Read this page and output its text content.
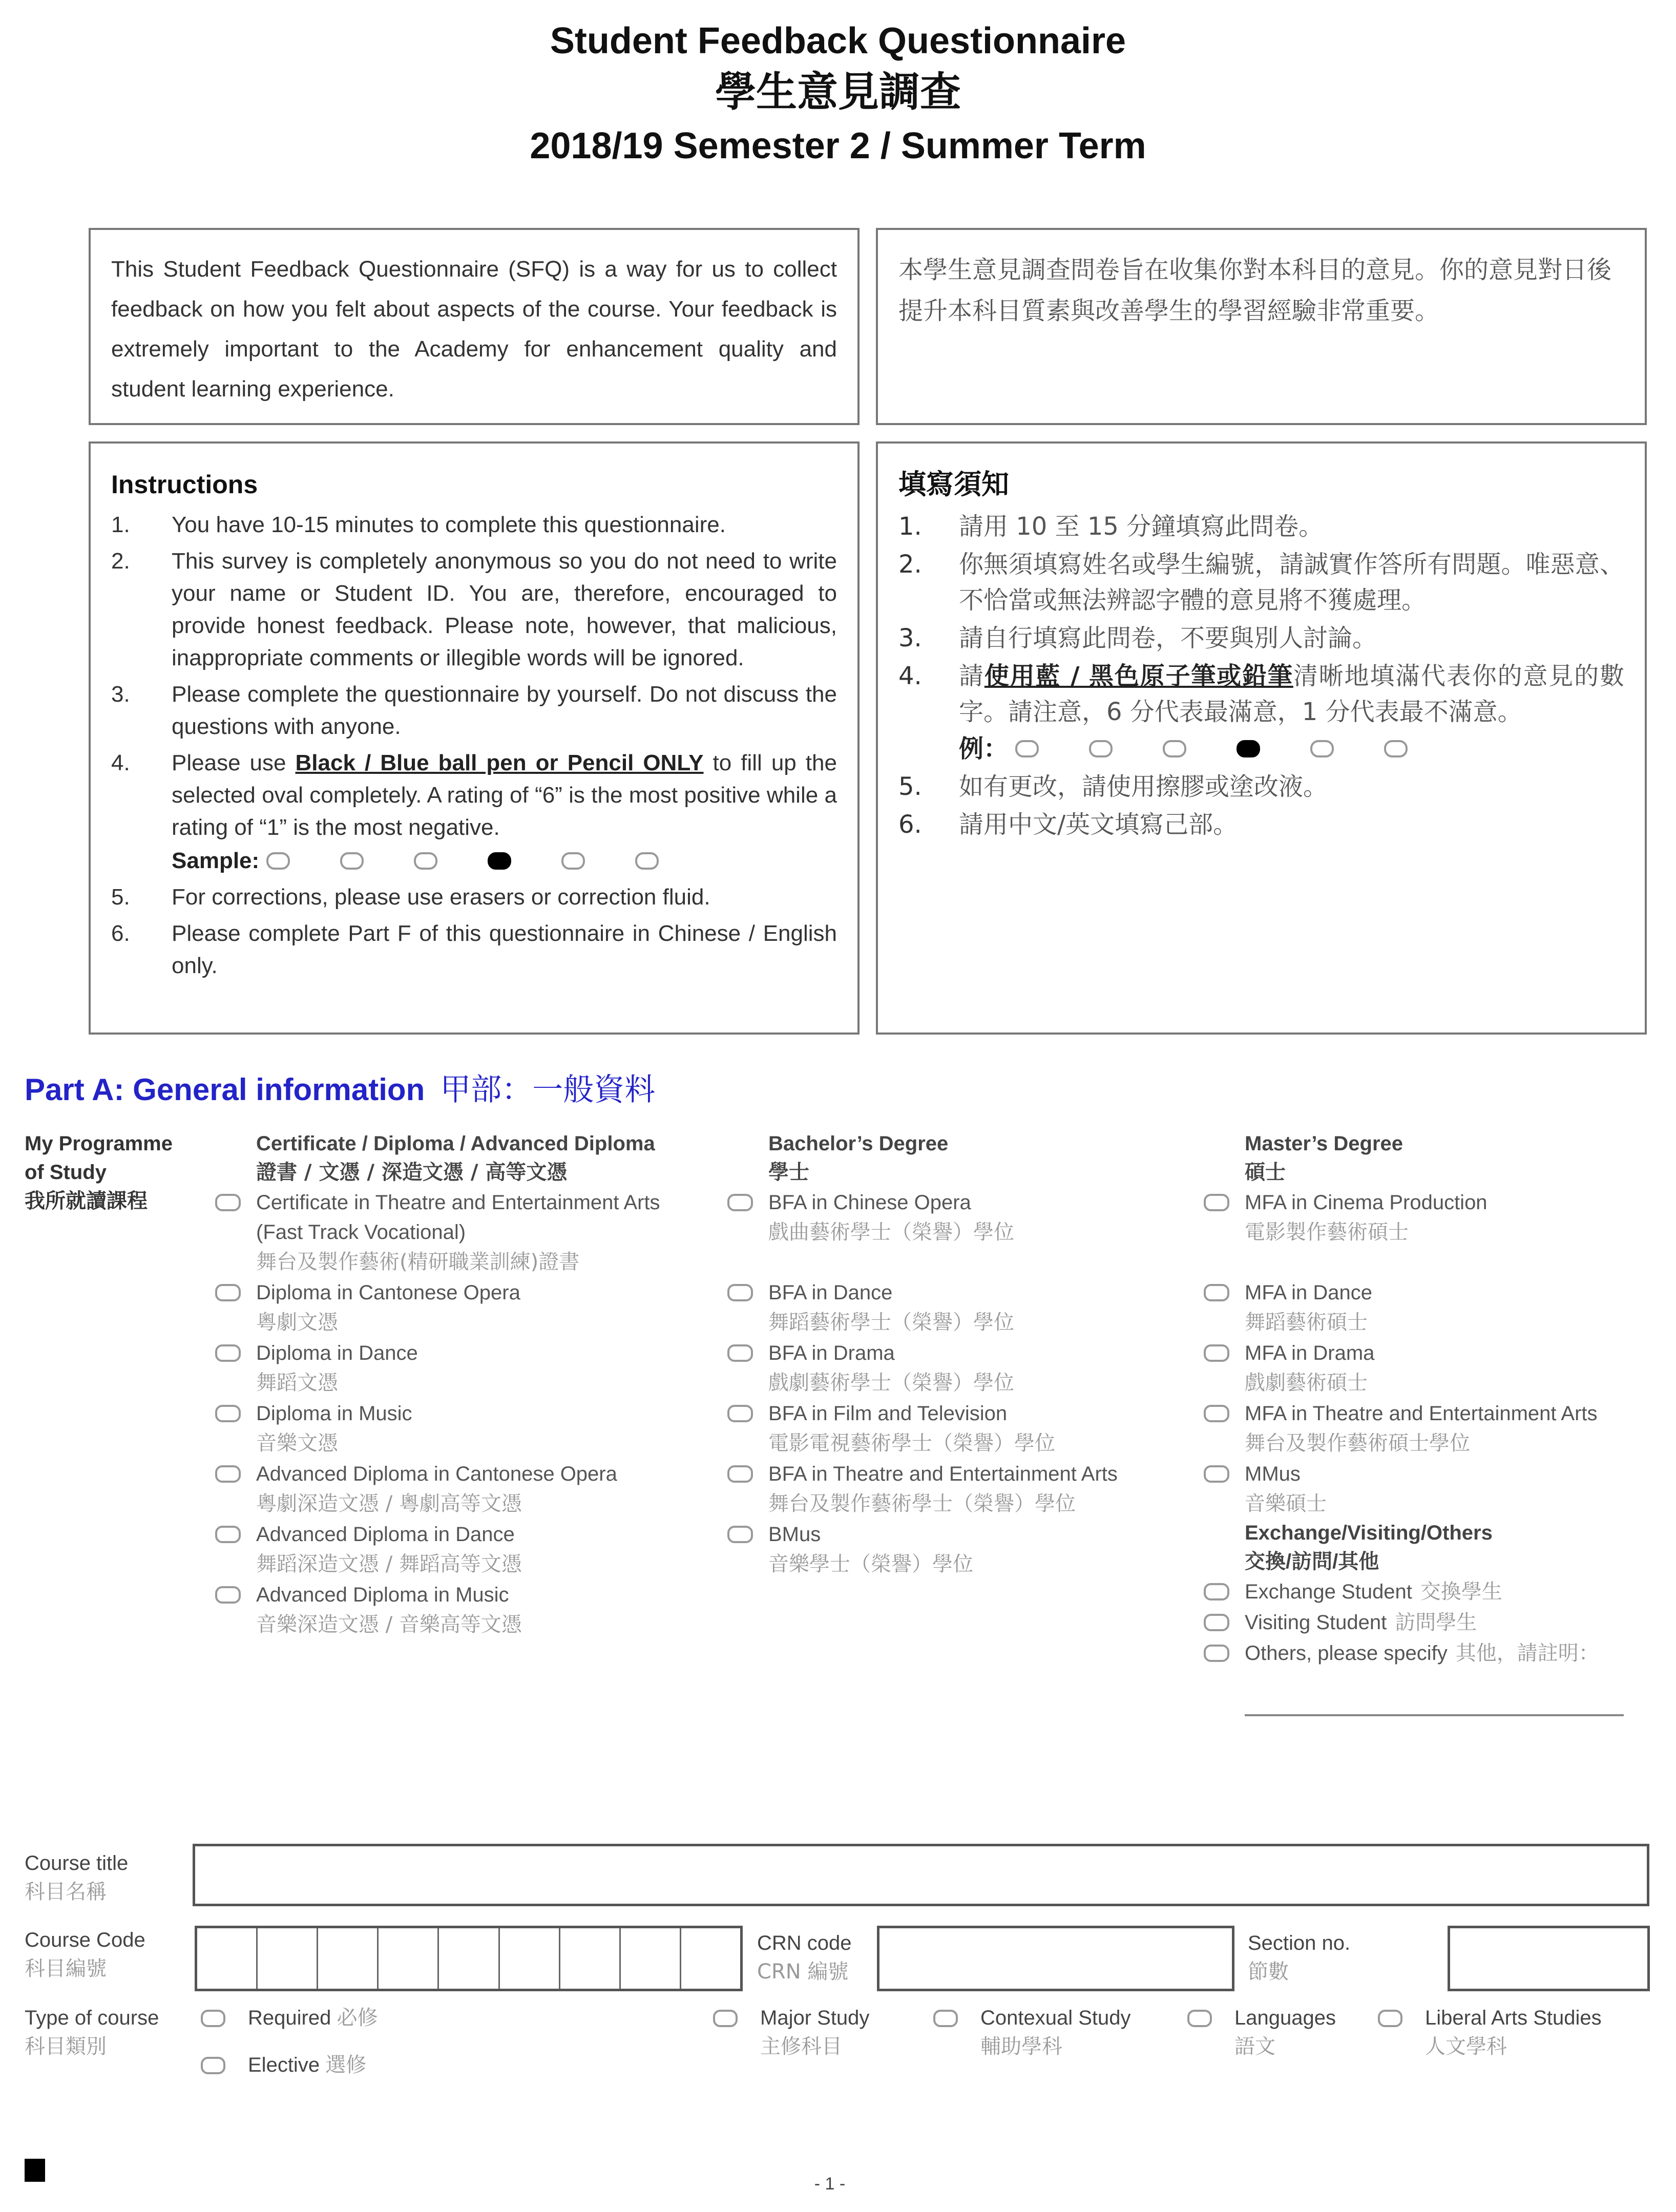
Student Feedback Questionnaire
學生意見調查
2018/19 Semester 2 / Summer Term
This Student Feedback Questionnaire (SFQ) is a way for us to collect feedback on how you felt about aspects of the course. Your feedback is extremely important to the Academy for enhancement quality and student learning experience.
本學生意見調查問卷旨在收集你對本科目的意見。你的意見對日後提升本科目質素與改善學生的學習經驗非常重要。
Instructions
1.	You have 10-15 minutes to complete this questionnaire.
2.	This survey is completely anonymous so you do not need to write your name or Student ID. You are, therefore, encouraged to provide honest feedback. Please note, however, that malicious, inappropriate comments or illegible words will be ignored.
3.	Please complete the questionnaire by yourself. Do not discuss the questions with anyone.
4.	Please use Black / Blue ball pen or Pencil ONLY to fill up the selected oval completely. A rating of “6” is the most positive while a rating of “1” is the most negative.
Sample:
5.	For corrections, please use erasers or correction fluid.
6.	Please complete Part F of this questionnaire in Chinese / English only.
填寫須知
1.	請用 10 至 15 分鐘填寫此問卷。
2.	你無須填寫姓名或學生編號，請誠實作答所有問題。唯惡意、不恰當或無法辨認字體的意見將不獲處理。
3.	請自行填寫此問卷，不要與別人討論。
4.	請使用藍 / 黑色原子筆或鉛筆清晰地填滿代表你的意見的數字。請注意，6 分代表最滿意，1 分代表最不滿意。
例：
5.	如有更改，請使用擦膠或塗改液。
6.	請用中文/英文填寫己部。
Part A: General information 甲部：一般資料
My Programme
of Study
我所就讀課程
Certificate / Diploma / Advanced Diploma
證書 / 文憑 / 深造文憑 / 高等文憑
Certificate in Theatre and Entertainment Arts
(Fast Track Vocational)
舞台及製作藝術(精研職業訓練)證書
Diploma in Cantonese Opera
粵劇文憑
Diploma in Dance
舞蹈文憑
Diploma in Music
音樂文憑
Advanced Diploma in Cantonese Opera
粵劇深造文憑 / 粵劇高等文憑
Advanced Diploma in Dance
舞蹈深造文憑 / 舞蹈高等文憑
Advanced Diploma in Music
音樂深造文憑 / 音樂高等文憑
Bachelor’s Degree
學士
BFA in Chinese Opera
戲曲藝術學士（榮譽）學位
BFA in Dance
舞蹈藝術學士（榮譽）學位
BFA in Drama
戲劇藝術學士（榮譽）學位
BFA in Film and Television
電影電視藝術學士（榮譽）學位
BFA in Theatre and Entertainment Arts
舞台及製作藝術學士（榮譽）學位
BMus
音樂學士（榮譽）學位
Master’s Degree
碩士
MFA in Cinema Production
電影製作藝術碩士
MFA in Dance
舞蹈藝術碩士
MFA in Drama
戲劇藝術碩士
MFA in Theatre and Entertainment Arts
舞台及製作藝術碩士學位
MMus
音樂碩士
Exchange/Visiting/Others
交換/訪問/其他
Exchange Student 交換學生
Visiting Student 訪問學生
Others, please specify 其他，請註明：
Course title
科目名稱
Course Code
科目編號
CRN code
CRN 編號
Section no.
節數
Type of course
科目類別
Required 必修
Elective 選修
Major Study
主修科目
Contexual Study
輔助學科
Languages
語文
Liberal Arts Studies
人文學科
- 1 -
